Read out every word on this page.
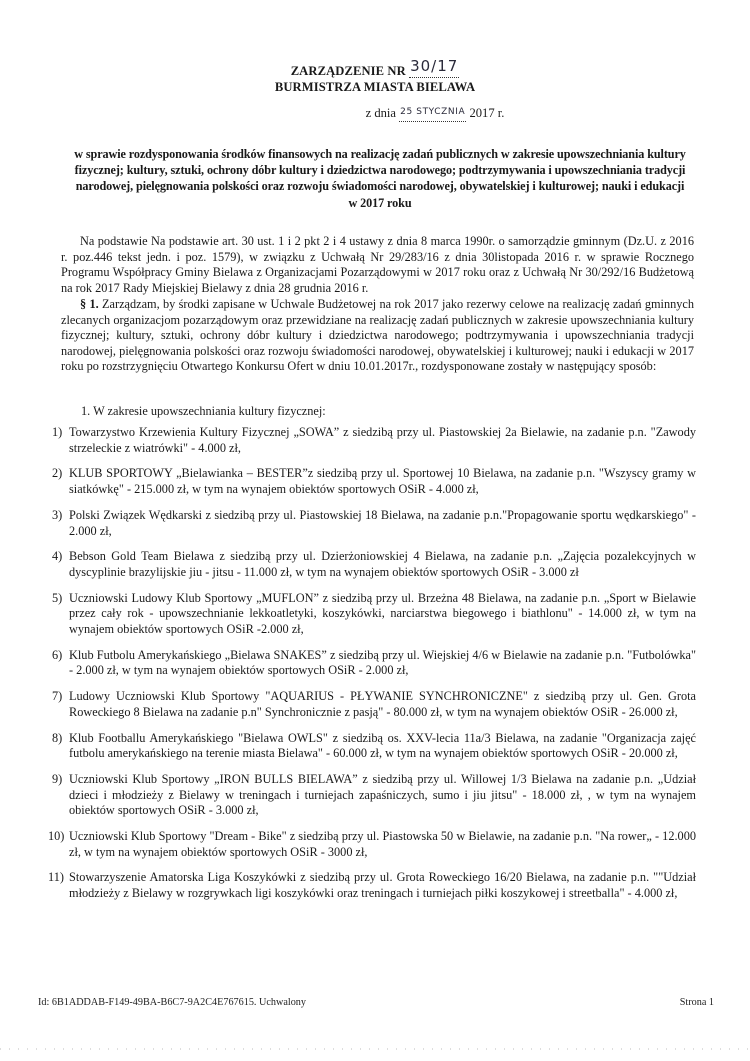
ZARZĄDZENIE NR 30/17
BURMISTRZA MIASTA BIELAWA
z dnia $^{25 STYCZNIA}$ 2017 r.
w sprawie rozdysponowania środków finansowych na realizację zadań publicznych w zakresie upowszechniania kultury fizycznej; kultury, sztuki, ochrony dóbr kultury i dziedzictwa narodowego; podtrzymywania i upowszechniania tradycji narodowej, pielęgnowania polskości oraz rozwoju świadomości narodowej, obywatelskiej i kulturowej; nauki i edukacji w 2017 roku
Na podstawie Na podstawie art. 30 ust. 1 i 2 pkt 2 i 4 ustawy z dnia 8 marca 1990r. o samorządzie gminnym (Dz.U. z 2016 r. poz.446 tekst jedn. i poz. 1579), w związku z Uchwałą Nr 29/283/16 z dnia 30listopada 2016 r. w sprawie Rocznego Programu Współpracy Gminy Bielawa z Organizacjami Pozarządowymi w 2017 roku oraz z Uchwałą Nr 30/292/16 Budżetową na rok 2017 Rady Miejskiej Bielawy z dnia 28 grudnia 2016 r.
§ 1. Zarządzam, by środki zapisane w Uchwale Budżetowej na rok 2017 jako rezerwy celowe na realizację zadań gminnych zlecanych organizacjom pozarządowym oraz przewidziane na realizację zadań publicznych w zakresie upowszechniania kultury fizycznej; kultury, sztuki, ochrony dóbr kultury i dziedzictwa narodowego; podtrzymywania i upowszechniania tradycji narodowej, pielęgnowania polskości oraz rozwoju świadomości narodowej, obywatelskiej i kulturowej; nauki i edukacji w 2017 roku po rozstrzygnięciu Otwartego Konkursu Ofert w dniu 10.01.2017r., rozdysponowane zostały w następujący sposób:
1. W zakresie upowszechniania kultury fizycznej:
1) Towarzystwo Krzewienia Kultury Fizycznej „SOWA” z siedzibą przy ul. Piastowskiej 2a Bielawie, na zadanie p.n. "Zawody strzeleckie z wiatrówki" - 4.000 zł,
2) KLUB SPORTOWY „Bielawianka – BESTER”z siedzibą przy ul. Sportowej 10 Bielawa, na zadanie p.n. "Wszyscy gramy w siatkówkę" - 215.000 zł, w tym na wynajem obiektów sportowych OSiR - 4.000 zł,
3) Polski Związek Wędkarski z siedzibą przy ul. Piastowskiej 18 Bielawa, na zadanie p.n."Propagowanie sportu wędkarskiego" - 2.000 zł,
4) Bebson Gold Team Bielawa z siedzibą przy ul. Dzierżoniowskiej 4 Bielawa, na zadanie p.n. „Zajęcia pozalekcyjnych w dyscyplinie brazylijskie jiu - jitsu - 11.000 zł, w tym na wynajem obiektów sportowych OSiR - 3.000 zł
5) Uczniowski Ludowy Klub Sportowy „MUFLON” z siedzibą przy ul. Brzeżna 48 Bielawa, na zadanie p.n. „Sport w Bielawie przez cały rok - upowszechnianie lekkoatletyki, koszykówki, narciarstwa biegowego i biathlonu" - 14.000 zł, w tym na wynajem obiektów sportowych OSiR -2.000 zł,
6) Klub Futbolu Amerykańskiego „Bielawa SNAKES” z siedzibą przy ul. Wiejskiej 4/6 w Bielawie na zadanie p.n. "Futbolówka" - 2.000 zł, w tym na wynajem obiektów sportowych OSiR - 2.000 zł,
7) Ludowy Uczniowski Klub Sportowy "AQUARIUS - PŁYWANIE SYNCHRONICZNE" z siedzibą przy ul. Gen. Grota Roweckiego 8 Bielawa na zadanie p.n" Synchronicznie z pasją" - 80.000 zł, w tym na wynajem obiektów OSiR - 26.000 zł,
8) Klub Footballu Amerykańskiego "Bielawa OWLS" z siedzibą os. XXV-lecia 11a/3 Bielawa, na zadanie "Organizacja zajęć futbolu amerykańskiego na terenie miasta Bielawa" - 60.000 zł, w tym na wynajem obiektów sportowych OSiR - 20.000 zł,
9) Uczniowski Klub Sportowy „IRON BULLS BIELAWA” z siedzibą przy ul. Willowej 1/3 Bielawa na zadanie p.n. „Udział dzieci i młodzieży z Bielawy w treningach i turniejach zapaśniczych, sumo i jiu jitsu" - 18.000 zł, , w tym na wynajem obiektów sportowych OSiR - 3.000 zł,
10) Uczniowski Klub Sportowy "Dream - Bike" z siedzibą przy ul. Piastowska 50 w Bielawie, na zadanie p.n. "Na rower„ - 12.000 zł, w tym na wynajem obiektów sportowych OSiR - 3000 zł,
11) Stowarzyszenie Amatorska Liga Koszykówki z siedzibą przy ul. Grota Roweckiego 16/20 Bielawa, na zadanie p.n. ""Udział młodzieży z Bielawy w rozgrywkach ligi koszykówki oraz treningach i turniejach piłki koszykowej i streetballa" - 4.000 zł,
Id: 6B1ADDAB-F149-49BA-B6C7-9A2C4E767615. Uchwalony	Strona 1
